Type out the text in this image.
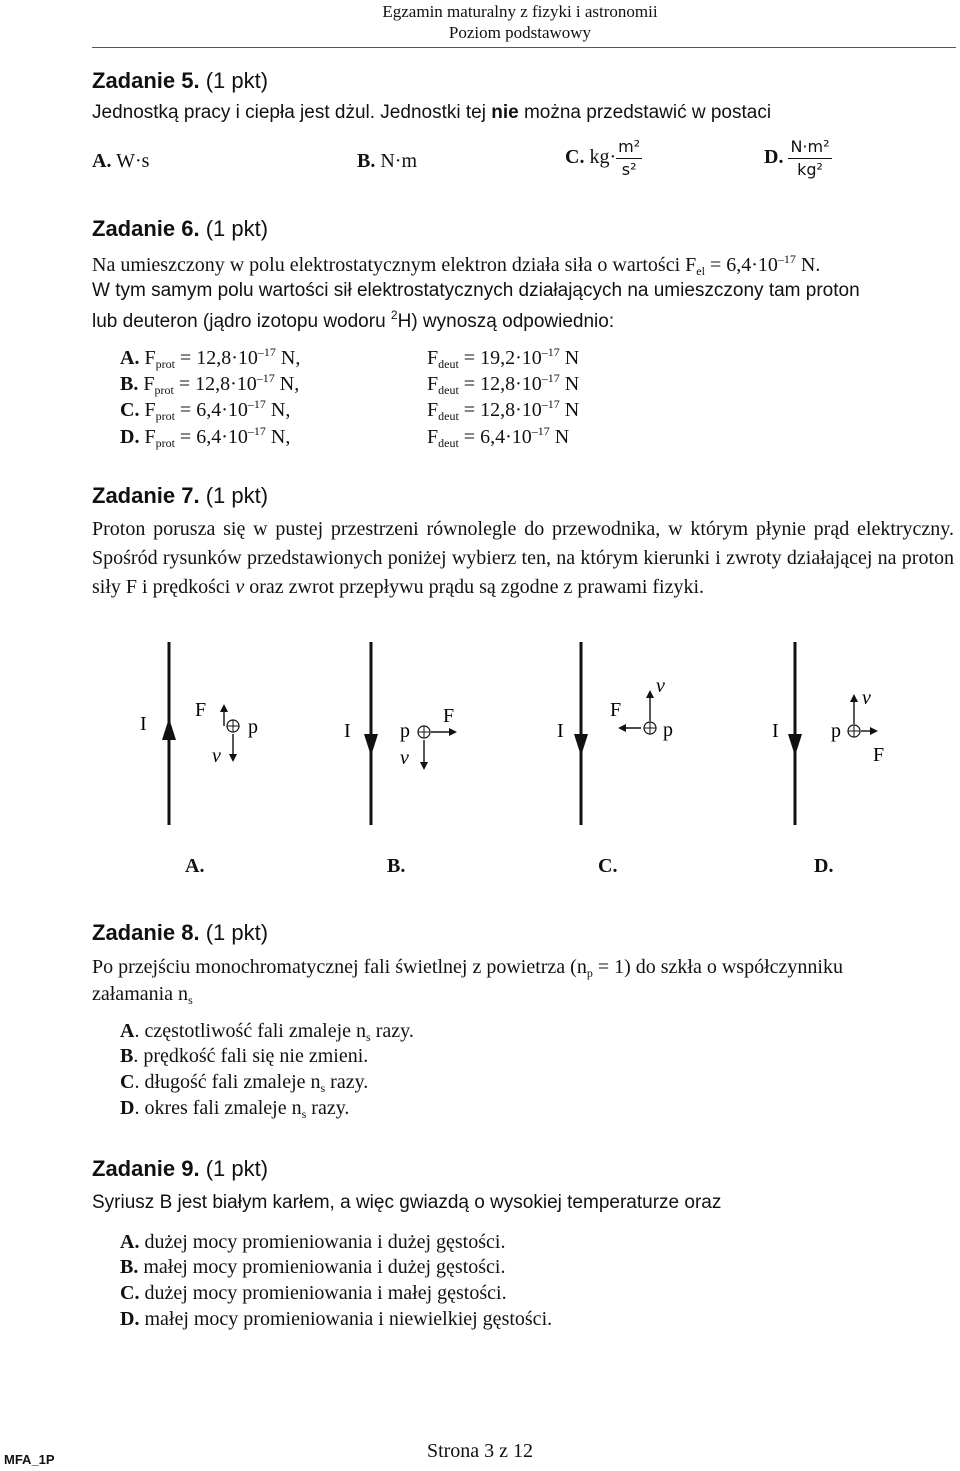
Egzamin maturalny z fizyki i astronomii
Poziom podstawowy
Zadanie 5. (1 pkt)
Jednostką pracy i ciepła jest dżul. Jednostki tej nie można przedstawić w postaci
A. W·s	B. N·m	C. $kg\cdot \frac{\text{m²}}{\text{s²}}$	D. $\frac{\text{N·m²}}{\text{kg²}}$
Zadanie 6. (1 pkt)
Na umieszczony w polu elektrostatycznym elektron działa siła o wartości $F_{el} = 6,4\cdot 10^{-17}$ N.
W tym samym polu wartości sił elektrostatycznych działających na umieszczony tam proton
lub deuteron (jądro izotopu wodoru $^2$H) wynoszą odpowiednio:
A. $F_{prot} = 12,8\cdot 10^{-17}$ N,	$F_{deut} = 19,2\cdot 10^{-17}$ N
B. $F_{prot} = 12,8\cdot 10^{-17}$ N,	$F_{deut} = 12,8\cdot 10^{-17}$ N
C. $F_{prot} = 6,4\cdot 10^{-17}$ N,	$F_{deut} = 12,8\cdot 10^{-17}$ N
D. $F_{prot} = 6,4\cdot 10^{-17}$ N,	$F_{deut} = 6,4\cdot 10^{-17}$ N
Zadanie 7. (1 pkt)
Proton porusza się w pustej przestrzeni równolegle do przewodnika, w którym płynie prąd elektryczny. Spośród rysunków przedstawionych poniżej wybierz ten, na którym kierunki i zwroty działającej na proton siły F i prędkości v oraz zwrot przepływu prądu są zgodne z prawami fizyki.
I
F
p
v
I p
F
v
I
F
v
p	I	p
v
F
A.	B.	C.	D.
Zadanie 8. (1 pkt)
Po przejściu monochromatycznej fali świetlnej z powietrza $(n_p = 1)$ do szkła o współczynniku
załamania $n_s$
A. częstotliwość fali zmaleje $n_s$ razy.
B. prędkość fali się nie zmieni.
C. długość fali zmaleje $n_s$ razy.
D. okres fali zmaleje $n_s$ razy.
Zadanie 9. (1 pkt)
Syriusz B jest białym karłem, a więc gwiazdą o wysokiej temperaturze oraz
A. dużej mocy promieniowania i dużej gęstości.
B. małej mocy promieniowania i dużej gęstości.
C. dużej mocy promieniowania i małej gęstości.
D. małej mocy promieniowania i niewielkiej gęstości.
MFA_1P	Strona 3 z 12
